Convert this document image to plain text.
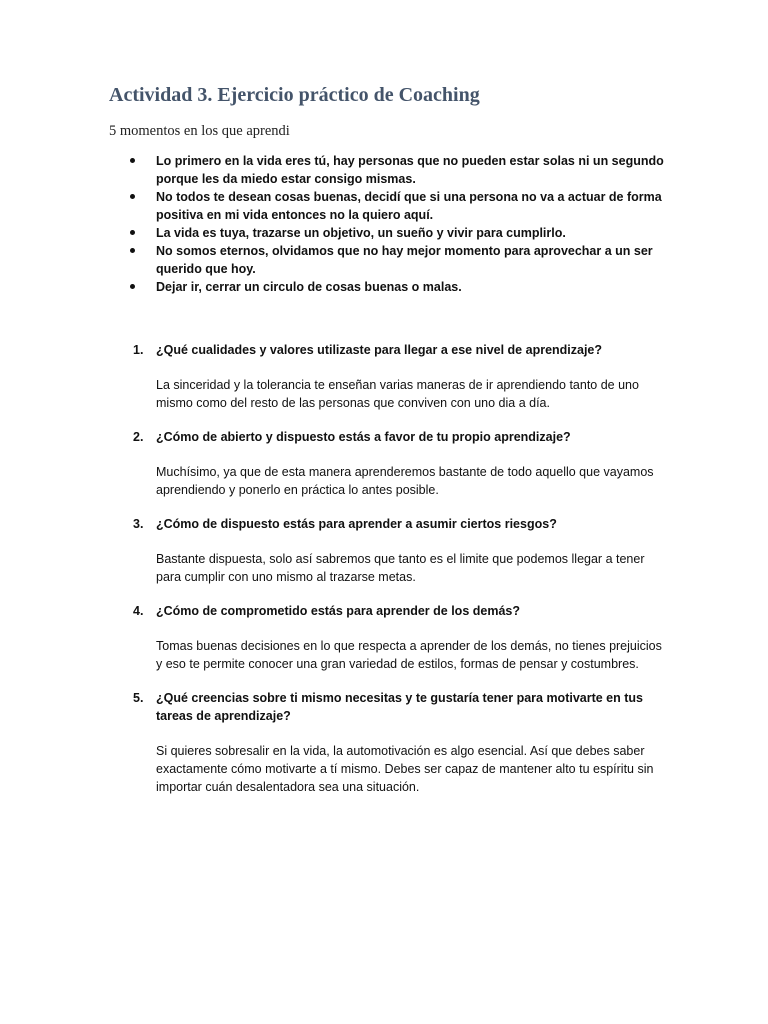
Actividad 3. Ejercicio práctico de Coaching

5 momentos en los que aprendi

Lo primero en la vida eres tú, hay personas que no pueden estar solas ni un segundo porque les da miedo estar consigo mismas.
No todos te desean cosas buenas, decidí que si una persona no va a actuar de forma positiva en mi vida entonces no la quiero aquí.
La vida es tuya, trazarse un objetivo, un sueño y vivir para cumplirlo.
No somos eternos, olvidamos que no hay mejor momento para aprovechar a un ser querido que hoy.
Dejar ir, cerrar un circulo de cosas buenas o malas.
1. ¿Qué cualidades y valores utilizaste para llegar a ese nivel de aprendizaje?
La sinceridad y la tolerancia te enseñan varias maneras de ir aprendiendo tanto de uno mismo como del resto de las personas que conviven con uno dia a día.
2. ¿Cómo de abierto y dispuesto estás a favor de tu propio aprendizaje?
Muchísimo, ya que de esta manera aprenderemos bastante de todo aquello que vayamos aprendiendo y ponerlo en práctica lo antes posible.
3. ¿Cómo de dispuesto estás para aprender a asumir ciertos riesgos?
Bastante dispuesta, solo así sabremos que tanto es el limite que podemos llegar a tener para cumplir con uno mismo al trazarse metas.
4. ¿Cómo de comprometido estás para aprender de los demás?
Tomas buenas decisiones en lo que respecta a aprender de los demás, no tienes prejuicios y eso te permite conocer una gran variedad de estilos, formas de pensar y costumbres.
5. ¿Qué creencias sobre ti mismo necesitas y te gustaría tener para motivarte en tus tareas de aprendizaje?
Si quieres sobresalir en la vida, la automotivación es algo esencial. Así que debes saber exactamente cómo motivarte a tí mismo. Debes ser capaz de mantener alto tu espíritu sin importar cuán desalentadora sea una situación.
